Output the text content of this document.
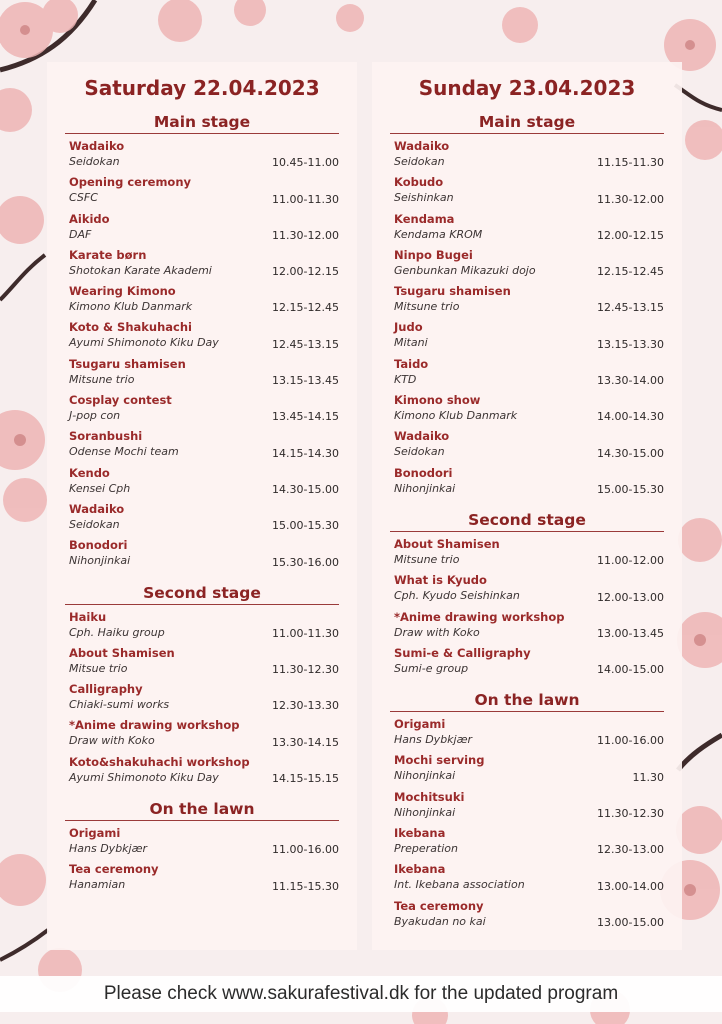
Saturday 22.04.2023
Main stage
Wadaiko
Seidokan	10.45-11.00
Opening ceremony
CSFC	11.00-11.30
Aikido
DAF	11.30-12.00
Karate børn
Shotokan Karate Akademi	12.00-12.15
Wearing Kimono
Kimono Klub Danmark	12.15-12.45
Koto & Shakuhachi
Ayumi Shimonoto Kiku Day	12.45-13.15
Tsugaru shamisen
Mitsune trio	13.15-13.45
Cosplay contest
J-pop con	13.45-14.15
Soranbushi
Odense Mochi team	14.15-14.30
Kendo
Kensei Cph	14.30-15.00
Wadaiko
Seidokan	15.00-15.30
Bonodori
Nihonjinkai	15.30-16.00
Second stage
Haiku
Cph. Haiku group	11.00-11.30
About Shamisen
Mitsue trio	11.30-12.30
Calligraphy
Chiaki-sumi works	12.30-13.30
*Anime drawing workshop
Draw with Koko	13.30-14.15
Koto&shakuhachi workshop
Ayumi Shimonoto Kiku Day	14.15-15.15
On the lawn
Origami
Hans Dybkjær	11.00-16.00
Tea ceremony
Hanamian	11.15-15.30
Sunday 23.04.2023
Main stage
Wadaiko
Seidokan	11.15-11.30
Kobudo
Seishinkan	11.30-12.00
Kendama
Kendama KROM	12.00-12.15
Ninpo Bugei
Genbunkan Mikazuki dojo	12.15-12.45
Tsugaru shamisen
Mitsune trio	12.45-13.15
Judo
Mitani	13.15-13.30
Taido
KTD	13.30-14.00
Kimono show
Kimono Klub Danmark	14.00-14.30
Wadaiko
Seidokan	14.30-15.00
Bonodori
Nihonjinkai	15.00-15.30
Second stage
About Shamisen
Mitsune trio	11.00-12.00
What is Kyudo
Cph. Kyudo Seishinkan	12.00-13.00
*Anime drawing workshop
Draw with Koko	13.00-13.45
Sumi-e & Calligraphy
Sumi-e group	14.00-15.00
On the lawn
Origami
Hans Dybkjær	11.00-16.00
Mochi serving
Nihonjinkai	11.30
Mochitsuki
Nihonjinkai	11.30-12.30
Ikebana
Preperation	12.30-13.00
Ikebana
Int. Ikebana association	13.00-14.00
Tea ceremony
Byakudan no kai	13.00-15.00
Please check www.sakurafestival.dk for the updated program
